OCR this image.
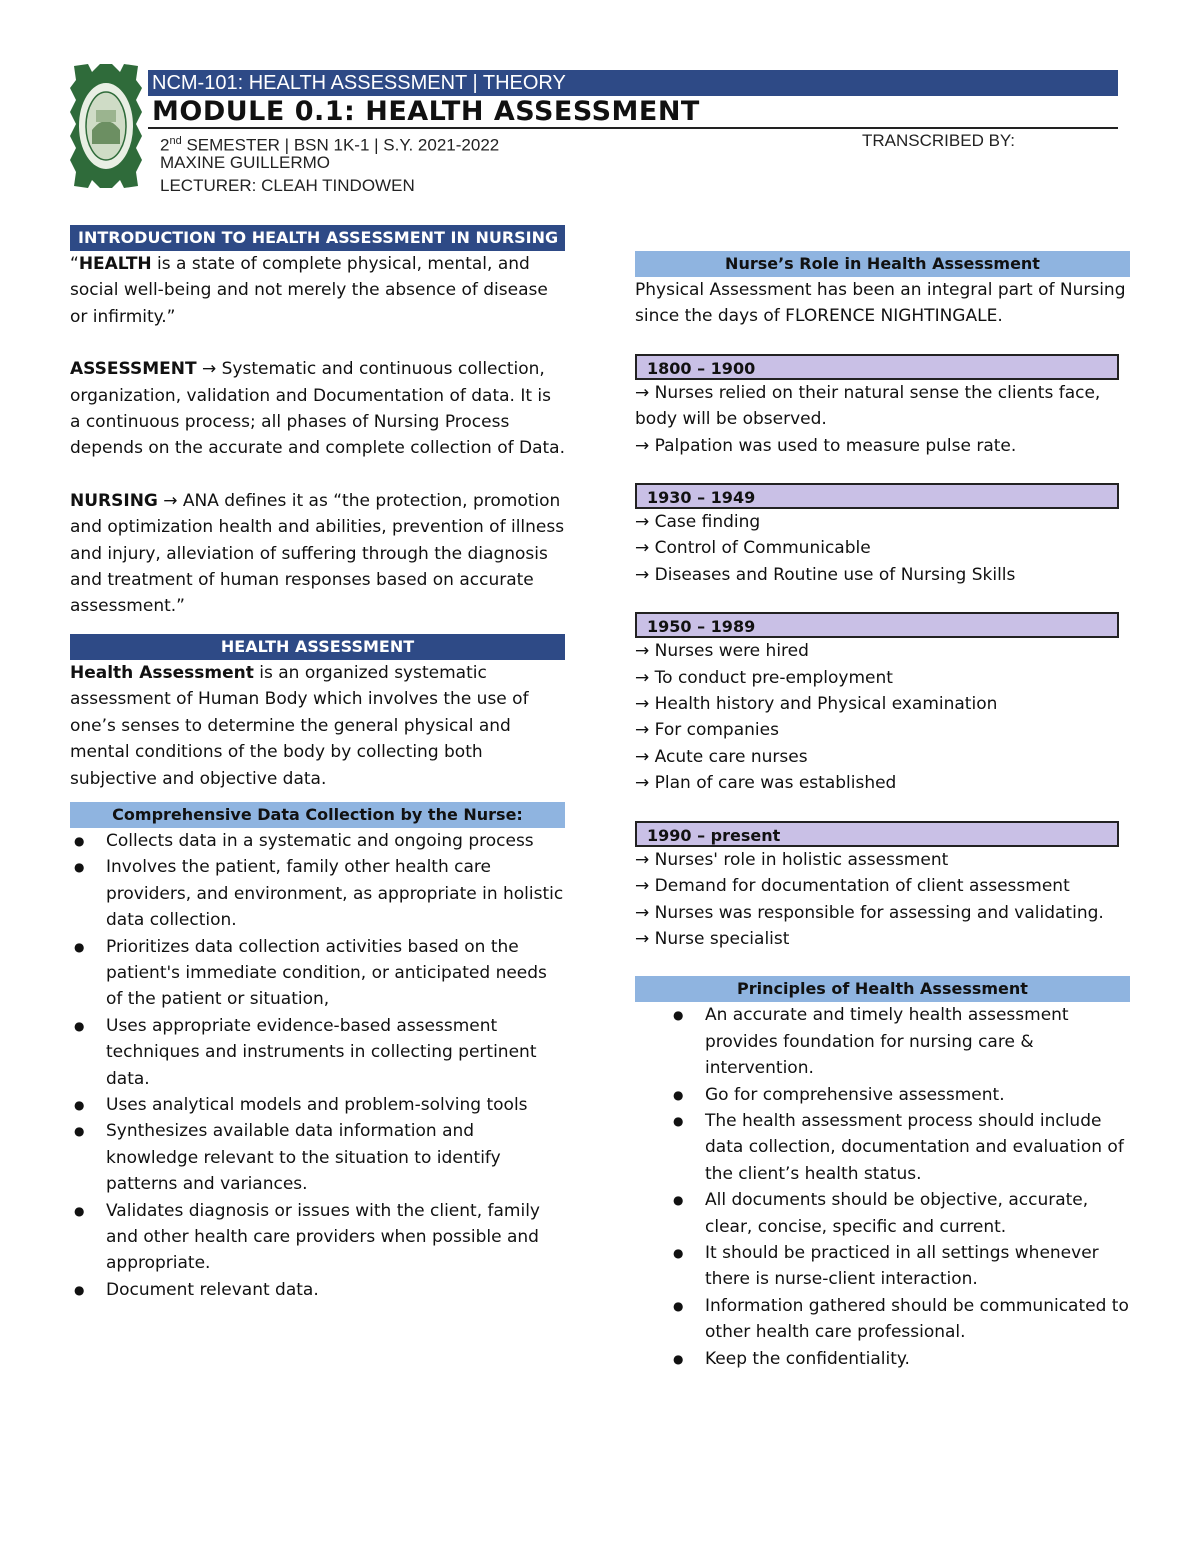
NCM-101: HEALTH ASSESSMENT | THEORY
MODULE 0.1: HEALTH ASSESSMENT
2nd SEMESTER | BSN 1K-1 | S.Y. 2021-2022	TRANSCRIBED BY:
MAXINE GUILLERMO
LECTURER: CLEAH TINDOWEN
INTRODUCTION TO HEALTH ASSESSMENT IN NURSING

“HEALTH is a state of complete physical, mental, and social well-being and not merely the absence of disease or infirmity.”

ASSESSMENT → Systematic and continuous collection, organization, validation and Documentation of data. It is a continuous process; all phases of Nursing Process depends on the accurate and complete collection of Data.

NURSING → ANA defines it as “the protection, promotion and optimization health and abilities, prevention of illness and injury, alleviation of suffering through the diagnosis and treatment of human responses based on accurate assessment.”

HEALTH ASSESSMENT

Health Assessment is an organized systematic assessment of Human Body which involves the use of one’s senses to determine the general physical and mental conditions of the body by collecting both subjective and objective data.

Comprehensive Data Collection by the Nurse:
● Collects data in a systematic and ongoing process
● Involves the patient, family other health care providers, and environment, as appropriate in holistic data collection.
● Prioritizes data collection activities based on the patient's immediate condition, or anticipated needs of the patient or situation,
● Uses appropriate evidence-based assessment techniques and instruments in collecting pertinent data.
● Uses analytical models and problem-solving tools
● Synthesizes available data information and knowledge relevant to the situation to identify patterns and variances.
● Validates diagnosis or issues with the client, family and other health care providers when possible and appropriate.
● Document relevant data.
Nurse’s Role in Health Assessment

Physical Assessment has been an integral part of Nursing since the days of FLORENCE NIGHTINGALE.

1800 – 1900

→ Nurses relied on their natural sense the clients face, body will be observed.

→ Palpation was used to measure pulse rate.

1930 – 1949

→ Case finding

→ Control of Communicable

→ Diseases and Routine use of Nursing Skills

1950 – 1989

→ Nurses were hired

→ To conduct pre-employment

→ Health history and Physical examination

→ For companies

→ Acute care nurses

→ Plan of care was established

1990 – present

→ Nurses' role in holistic assessment

→ Demand for documentation of client assessment

→ Nurses was responsible for assessing and validating.

→ Nurse specialist

Principles of Health Assessment
● An accurate and timely health assessment provides foundation for nursing care & intervention.
● Go for comprehensive assessment.
● The health assessment process should include data collection, documentation and evaluation of the client’s health status.
● All documents should be objective, accurate, clear, concise, specific and current.
● It should be practiced in all settings whenever there is nurse-client interaction.
● Information gathered should be communicated to other health care professional.
● Keep the confidentiality.
